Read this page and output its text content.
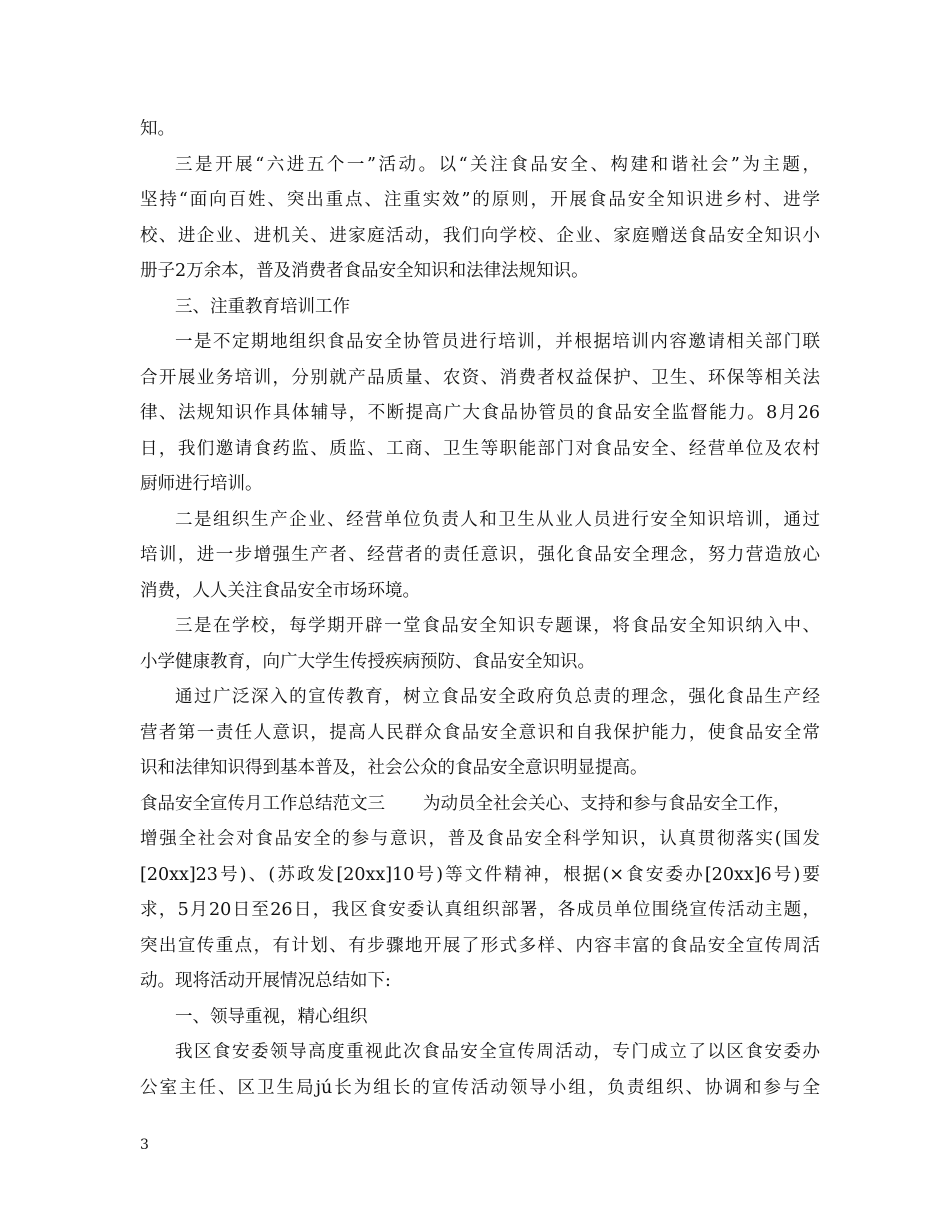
知。
三是开展“六进五个一”活动。以“关注食品安全、构建和谐社会”为主题，
坚持“面向百姓、突出重点、注重实效”的原则，开展食品安全知识进乡村、进学
校、进企业、进机关、进家庭活动，我们向学校、企业、家庭赠送食品安全知识小
册子2万余本，普及消费者食品安全知识和法律法规知识。
三、注重教育培训工作
一是不定期地组织食品安全协管员进行培训，并根据培训内容邀请相关部门联
合开展业务培训，分别就产品质量、农资、消费者权益保护、卫生、环保等相关法
律、法规知识作具体辅导，不断提高广大食品协管员的食品安全监督能力。8月26
日，我们邀请食药监、质监、工商、卫生等职能部门对食品安全、经营单位及农村
厨师进行培训。
二是组织生产企业、经营单位负责人和卫生从业人员进行安全知识培训，通过
培训，进一步增强生产者、经营者的责任意识，强化食品安全理念，努力营造放心
消费，人人关注食品安全市场环境。
三是在学校，每学期开辟一堂食品安全知识专题课，将食品安全知识纳入中、
小学健康教育，向广大学生传授疾病预防、食品安全知识。
通过广泛深入的宣传教育，树立食品安全政府负总责的理念，强化食品生产经
营者第一责任人意识，提高人民群众食品安全意识和自我保护能力，使食品安全常
识和法律知识得到基本普及，社会公众的食品安全意识明显提高。
食品安全宣传月工作总结范文三 为动员全社会关心、支持和参与食品安全工作，
增强全社会对食品安全的参与意识，普及食品安全科学知识，认真贯彻落实(国发
[20xx]23号)、(苏政发[20xx]10号)等文件精神，根据(×食安委办[20xx]6号)要
求，5月20日至26日，我区食安委认真组织部署，各成员单位围绕宣传活动主题，
突出宣传重点，有计划、有步骤地开展了形式多样、内容丰富的食品安全宣传周活
动。现将活动开展情况总结如下:
一、领导重视，精心组织
我区食安委领导高度重视此次食品安全宣传周活动，专门成立了以区食安委办
公室主任、区卫生局jú长为组长的宣传活动领导小组，负责组织、协调和参与全
3
